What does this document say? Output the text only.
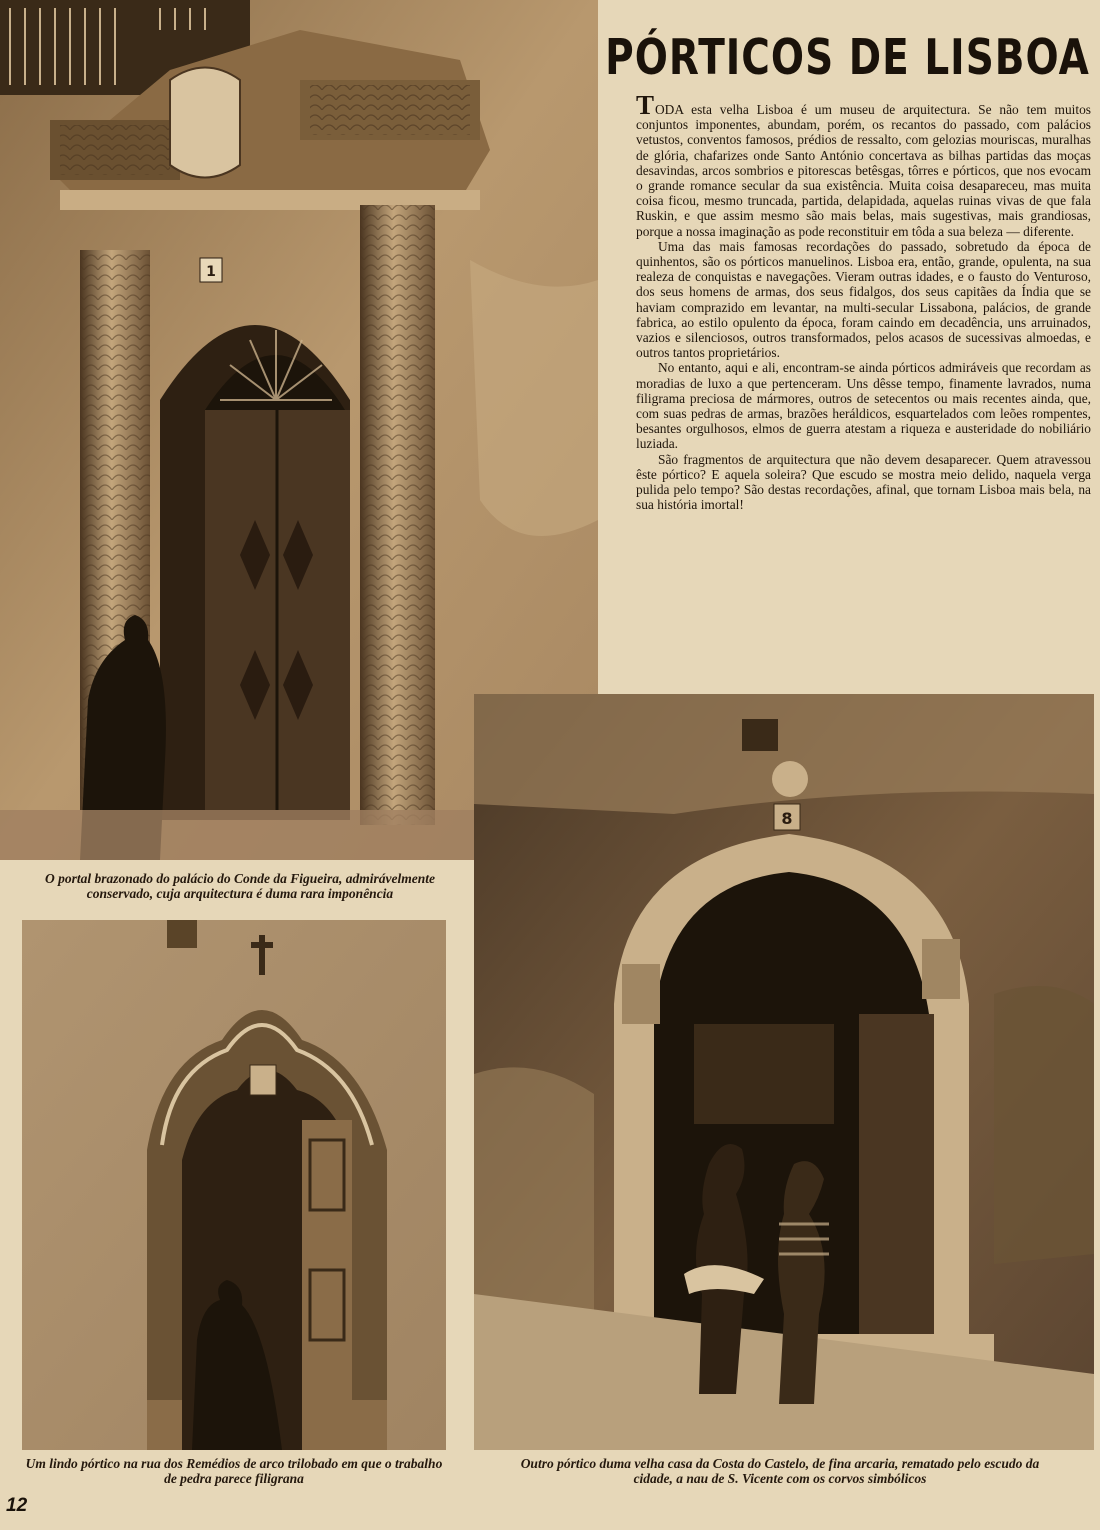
PÓRTICOS DE LISBOA

TODA esta velha Lisboa é um museu de arquitectura. Se não tem muitos conjuntos imponentes, abundam, porém, os recantos do passado, com palácios vetustos, conventos famosos, prédios de ressalto, com gelozias mouriscas, muralhas de glória, chafarizes onde Santo António concertava as bilhas partidas das moças desavindas, arcos sombrios e pitorescas betêsgas, tôrres e pórticos, que nos evocam o grande romance secular da sua existência. Muita coisa desapareceu, mas muita coisa ficou, mesmo truncada, partida, delapidada, aquelas ruinas vivas de que fala Ruskin, e que assim mesmo são mais belas, mais sugestivas, mais grandiosas, porque a nossa imaginação as pode reconstituir em tôda a sua beleza — diferente.

Uma das mais famosas recordações do passado, sobretudo da época de quinhentos, são os pórticos manuelinos. Lisboa era, então, grande, opulenta, na sua realeza de conquistas e navegações. Vieram outras idades, e o fausto do Venturoso, dos seus homens de armas, dos seus fidalgos, dos seus capitães da Índia que se haviam comprazido em levantar, na multi-secular Lissabona, palácios, de grande fabrica, ao estilo opulento da época, foram caindo em decadência, uns arruinados, vazios e silenciosos, outros transformados, pelos acasos de sucessivas almoedas, e outros tantos proprietários.

No entanto, aqui e ali, encontram-se ainda pórticos admiráveis que recordam as moradias de luxo a que pertenceram. Uns dêsse tempo, finamente lavrados, numa filigrama preciosa de mármores, outros de setecentos ou mais recentes ainda, que, com suas pedras de armas, brazões heráldicos, esquartelados com leões rompentes, besantes orgulhosos, elmos de guerra atestam a riqueza e austeridade do nobiliário luziada.

São fragmentos de arquitectura que não devem desaparecer. Quem atravessou êste pórtico? E aquela soleira? Que escudo se mostra meio delido, naquela verga pulida pelo tempo? São destas recordações, afinal, que tornam Lisboa mais bela, na sua história imortal!

1

O portal brazonado do palácio do Conde da Figueira, admirávelmente conservado, cuja arquitectura é duma rara imponência

Um lindo pórtico na rua dos Remédios de arco trilobado em que o trabalho de pedra parece filigrana

8

Outro pórtico duma velha casa da Costa do Castelo, de fina arcaria, rematado pelo escudo da cidade, a nau de S. Vicente com os corvos simbólicos

12
